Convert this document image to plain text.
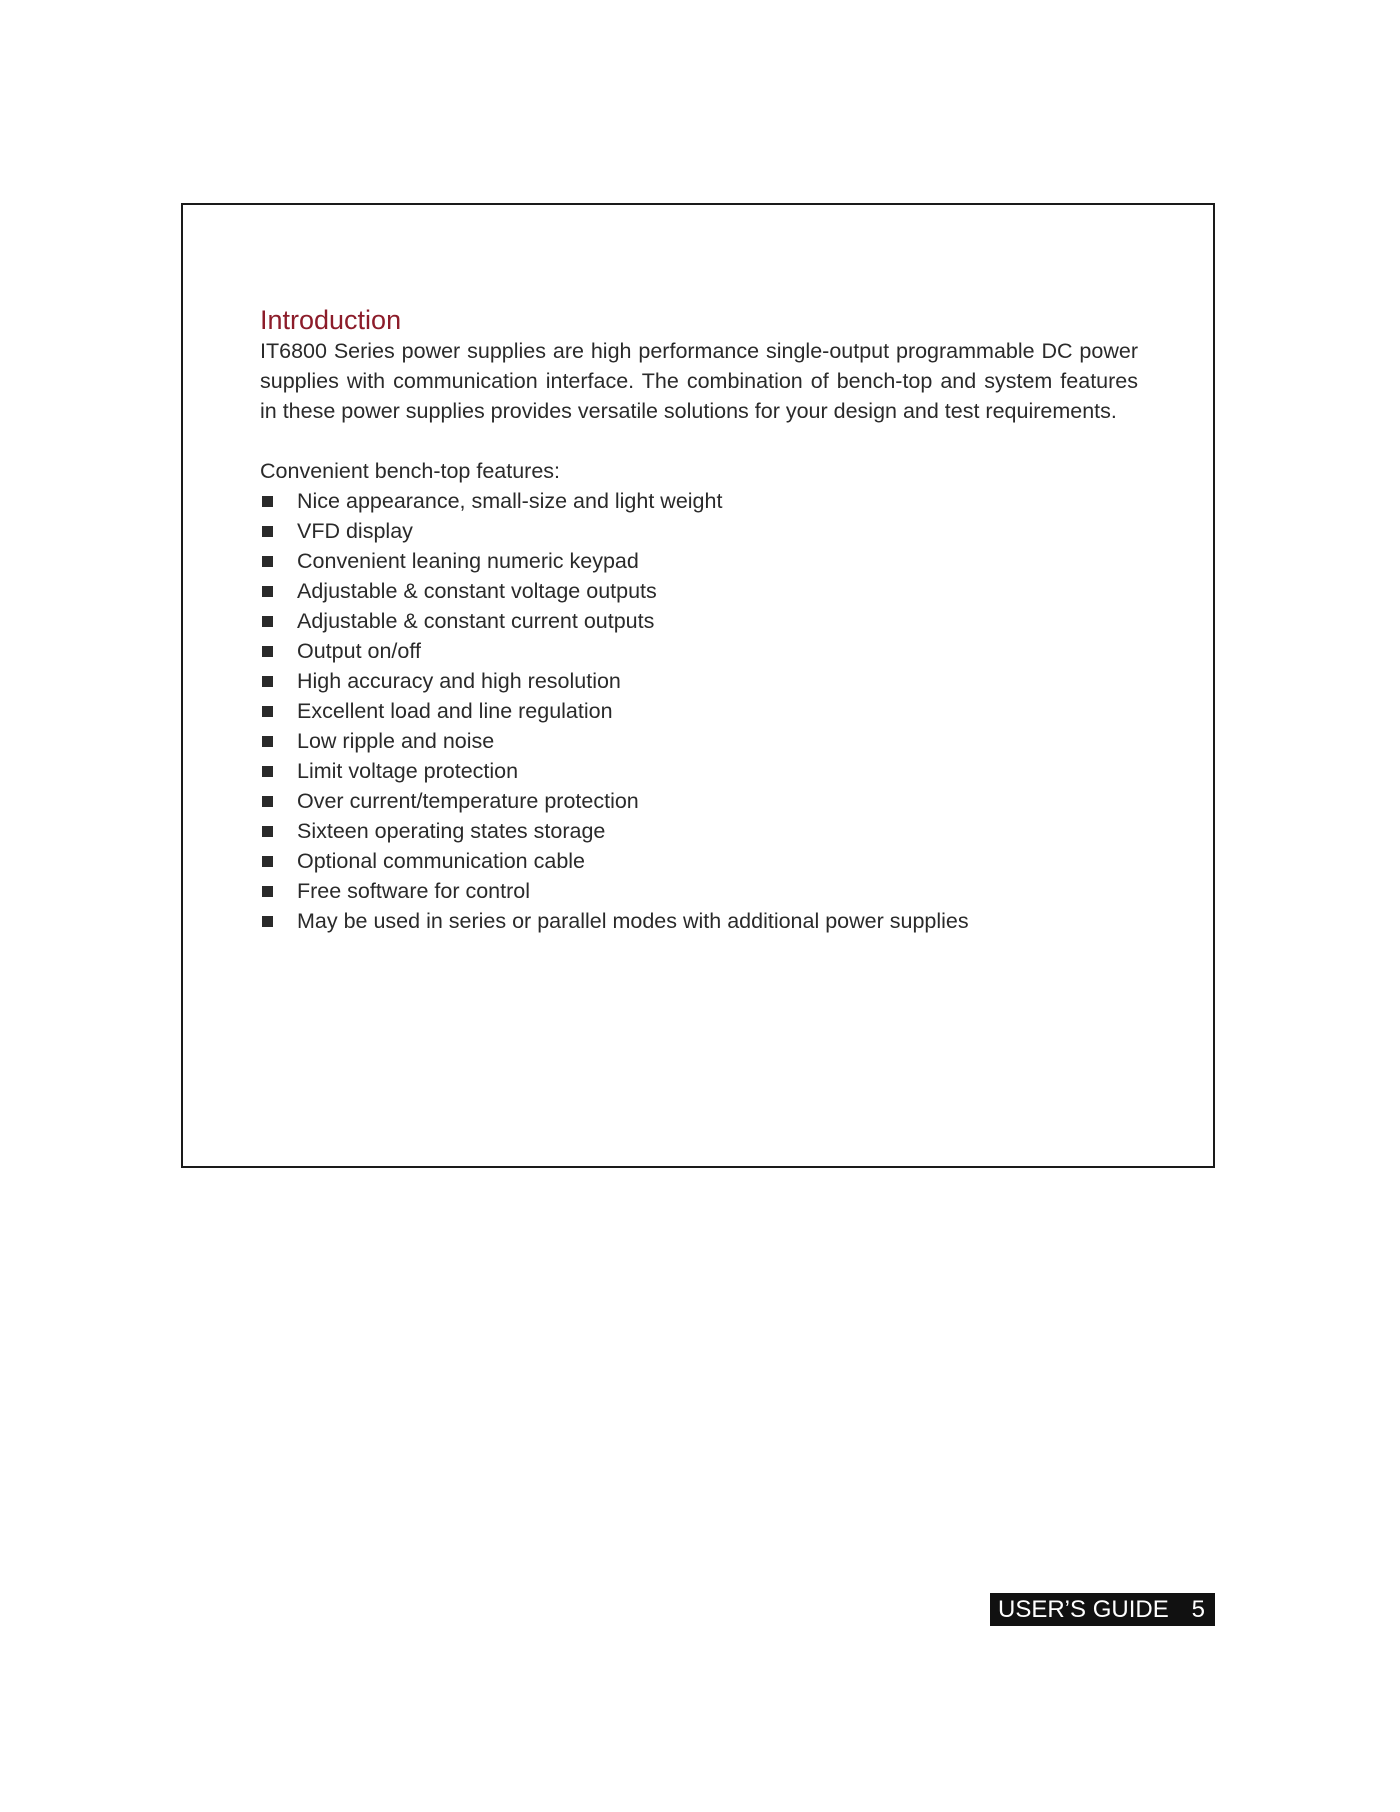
Introduction

IT6800 Series power supplies are high performance single-output programmable DC power supplies with communication interface. The combination of bench-top and system features in these power supplies provides versatile solutions for your design and test requirements.

Convenient bench-top features:

Nice appearance, small-size and light weight
VFD display
Convenient leaning numeric keypad
Adjustable & constant voltage outputs
Adjustable & constant current outputs
Output on/off
High accuracy and high resolution
Excellent load and line regulation
Low ripple and noise
Limit voltage protection
Over current/temperature protection
Sixteen operating states storage
Optional communication cable
Free software for control
May be used in series or parallel modes with additional power supplies
USER’S GUIDE 5
